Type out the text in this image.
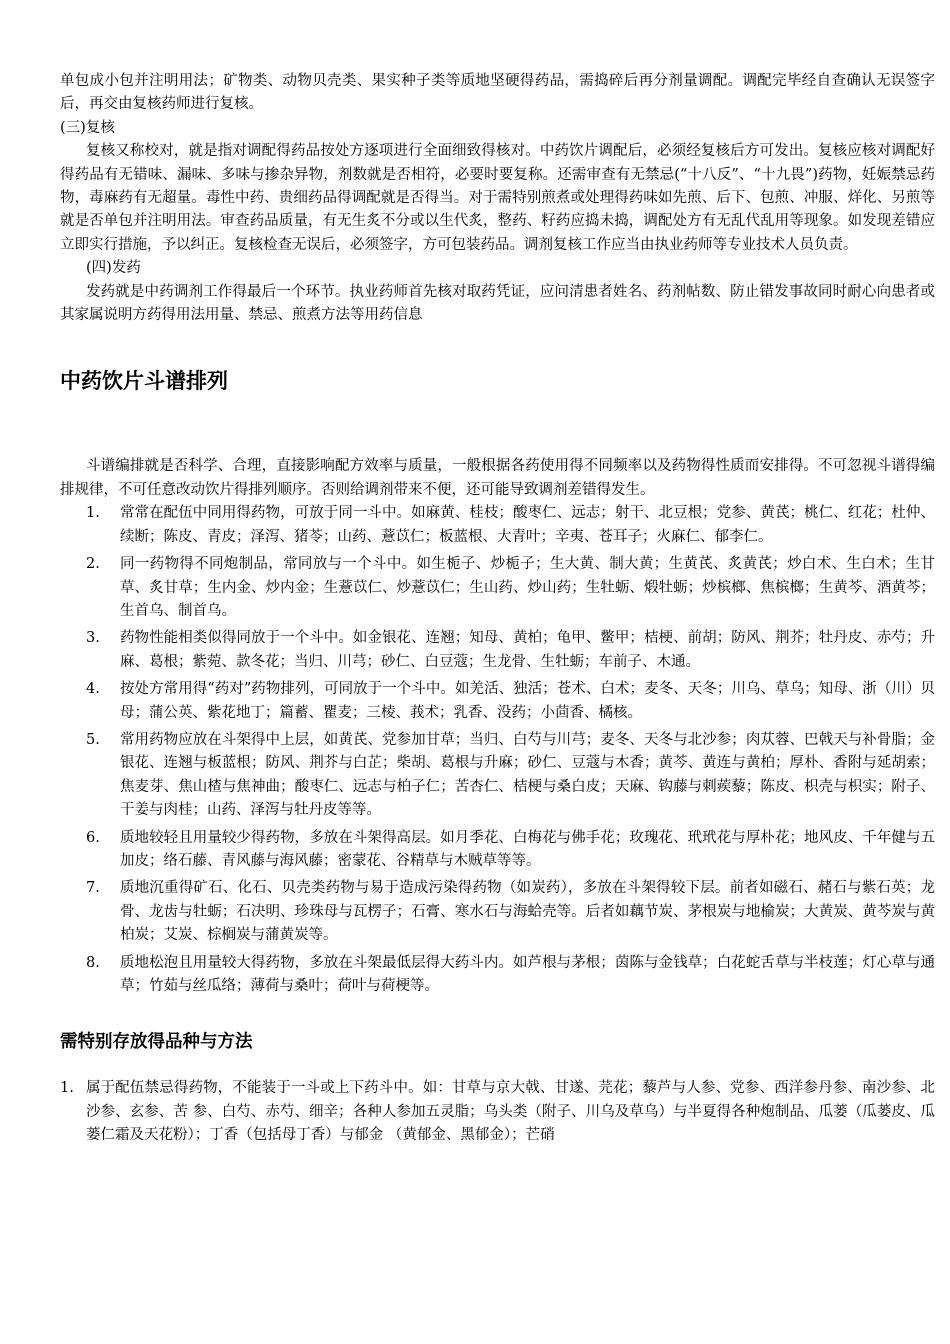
单包成小包并注明用法；矿物类、动物贝壳类、果实种子类等质地坚硬得药品，需捣碎后再分剂量调配。调配完毕经自查确认无误签字后，再交由复核药师进行复核。

(三)复核

复核又称校对，就是指对调配得药品按处方逐项进行全面细致得核对。中药饮片调配后，必须经复核后方可发出。复核应核对调配好得药品有无错味、漏味、多味与掺杂异物，剂数就是否相符，必要时要复称。还需审查有无禁忌(“十八反”、“十九畏”)药物，妊娠禁忌药物，毒麻药有无超量。毒性中药、贵细药品得调配就是否得当。对于需特别煎煮或处理得药味如先煎、后下、包煎、冲服、烊化、另煎等就是否单包并注明用法。审查药品质量，有无生炙不分或以生代炙，整药、籽药应捣未捣，调配处方有无乱代乱用等现象。如发现差错应立即实行措施，予以纠正。复核检查无误后，必须签字，方可包装药品。调剂复核工作应当由执业药师等专业技术人员负责。

(四)发药

发药就是中药调剂工作得最后一个环节。执业药师首先核对取药凭证，应问清患者姓名、药剂帖数、防止错发事故同时耐心向患者或其家属说明方药得用法用量、禁忌、煎煮方法等用药信息

中药饮片斗谱排列

斗谱编排就是否科学、合理，直接影响配方效率与质量，一般根据各药使用得不同频率以及药物得性质而安排得。不可忽视斗谱得编排规律，不可任意改动饮片得排列顺序。否则给调剂带来不便，还可能导致调剂差错得发生。

1. 常常在配伍中同用得药物，可放于同一斗中。如麻黄、桂枝；酸枣仁、远志；射干、北豆根；党参、黄芪；桃仁、红花；杜仲、续断；陈皮、青皮；泽泻、猪苓；山药、薏苡仁；板蓝根、大青叶；辛夷、苍耳子；火麻仁、郁李仁。
2. 同一药物得不同炮制品，常同放与一个斗中。如生栀子、炒栀子；生大黄、制大黄；生黄芪、炙黄芪；炒白术、生白术；生甘草、炙甘草；生内金、炒内金；生薏苡仁、炒薏苡仁；生山药、炒山药；生牡蛎、煅牡蛎；炒槟榔、焦槟榔；生黄芩、酒黄芩；生首乌、制首乌。
3. 药物性能相类似得同放于一个斗中。如金银花、连翘；知母、黄柏；龟甲、鳖甲；桔梗、前胡；防风、荆芥；牡丹皮、赤芍；升麻、葛根；紫菀、款冬花；当归、川芎；砂仁、白豆蔻；生龙骨、生牡蛎；车前子、木通。
4. 按处方常用得“药对”药物排列，可同放于一个斗中。如羌活、独活；苍术、白术；麦冬、天冬；川乌、草乌；知母、浙（川）贝母；蒲公英、紫花地丁；篇蓄、瞿麦；三棱、莪术；乳香、没药；小茴香、橘核。
5. 常用药物应放在斗架得中上层，如黄芪、党参加甘草；当归、白芍与川芎；麦冬、天冬与北沙参；肉苁蓉、巴戟天与补骨脂；金银花、连翘与板蓝根；防风、荆芥与白芷；柴胡、葛根与升麻；砂仁、豆蔻与木香；黄芩、黄连与黄柏；厚朴、香附与延胡索；焦麦芽、焦山楂与焦神曲；酸枣仁、远志与柏子仁；苦杏仁、桔梗与桑白皮；天麻、钩藤与刺蒺藜；陈皮、枳壳与枳实；附子、干姜与肉桂；山药、泽泻与牡丹皮等等。
6. 质地较轻且用量较少得药物，多放在斗架得高层。如月季花、白梅花与佛手花；玫瑰花、玳玳花与厚朴花；地风皮、千年健与五加皮；络石藤、青风藤与海风藤；密蒙花、谷精草与木贼草等等。
7. 质地沉重得矿石、化石、贝壳类药物与易于造成污染得药物（如炭药），多放在斗架得较下层。前者如磁石、赭石与紫石英；龙骨、龙齿与牡蛎；石决明、珍珠母与瓦楞子；石膏、寒水石与海蛤壳等。后者如藕节炭、茅根炭与地榆炭；大黄炭、黄芩炭与黄柏炭；艾炭、棕榈炭与蒲黄炭等。
8. 质地松泡且用量较大得药物，多放在斗架最低层得大药斗内。如芦根与茅根；茵陈与金钱草；白花蛇舌草与半枝莲；灯心草与通草；竹茹与丝瓜络；薄荷与桑叶；荷叶与荷梗等。
需特别存放得品种与方法
1. 属于配伍禁忌得药物，不能装于一斗或上下药斗中。如：甘草与京大戟、甘遂、芫花；藜芦与人参、党参、西洋参丹参、南沙参、北沙参、玄参、苦 参、白芍、赤芍、细辛；各种人参加五灵脂；乌头类（附子、川乌及草乌）与半夏得各种炮制品、瓜蒌（瓜蒌皮、瓜蒌仁霜及天花粉）；丁香（包括母丁香）与郁金 （黄郁金、黑郁金）；芒硝
